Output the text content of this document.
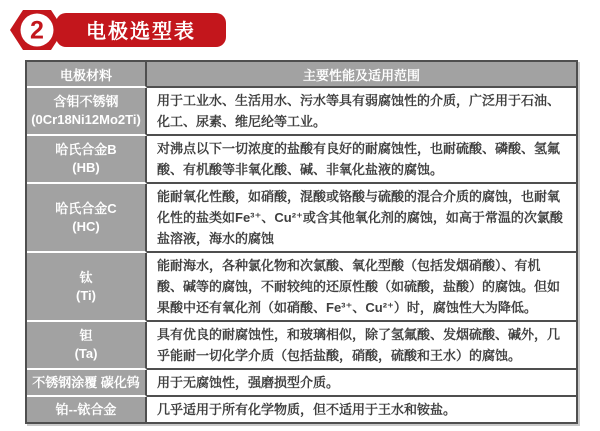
2 电极选型表
电极材料	主要性能及适用范围

含钼不锈钢
(0Cr18Ni12Mo2Ti)	用于工业水、生活用水、污水等具有弱腐蚀性的介质，广泛用于石油、化工、尿素、维尼纶等工业。

哈氏合金B
(HB)	对沸点以下一切浓度的盐酸有良好的耐腐蚀性，也耐硫酸、磷酸、氢氟酸、有机酸等非氧化酸、碱、非氧化盐液的腐蚀。

哈氏合金C
(HC)	能耐氧化性酸，如硝酸，混酸或铬酸与硫酸的混合介质的腐蚀，也耐氧化性的盐类如Fe³⁺、Cu²⁺或含其他氧化剂的腐蚀，如高于常温的次氯酸盐溶液，海水的腐蚀

钛
(Ti)	能耐海水，各种氯化物和次氯酸、氧化型酸（包括发烟硝酸）、有机酸、碱等的腐蚀，不耐较纯的还原性酸（如硫酸，盐酸）的腐蚀。但如果酸中还有氧化剂（如硝酸、Fe³⁺、Cu²⁺）时，腐蚀性大为降低。

钽
(Ta)	具有优良的耐腐蚀性，和玻璃相似，除了氢氟酸、发烟硫酸、碱外，几乎能耐一切化学介质（包括盐酸，硝酸，硫酸和王水）的腐蚀。

不锈钢涂覆 碳化钨	用于无腐蚀性，强磨损型介质。

铂--铱合金	几乎适用于所有化学物质，但不适用于王水和铵盐。
